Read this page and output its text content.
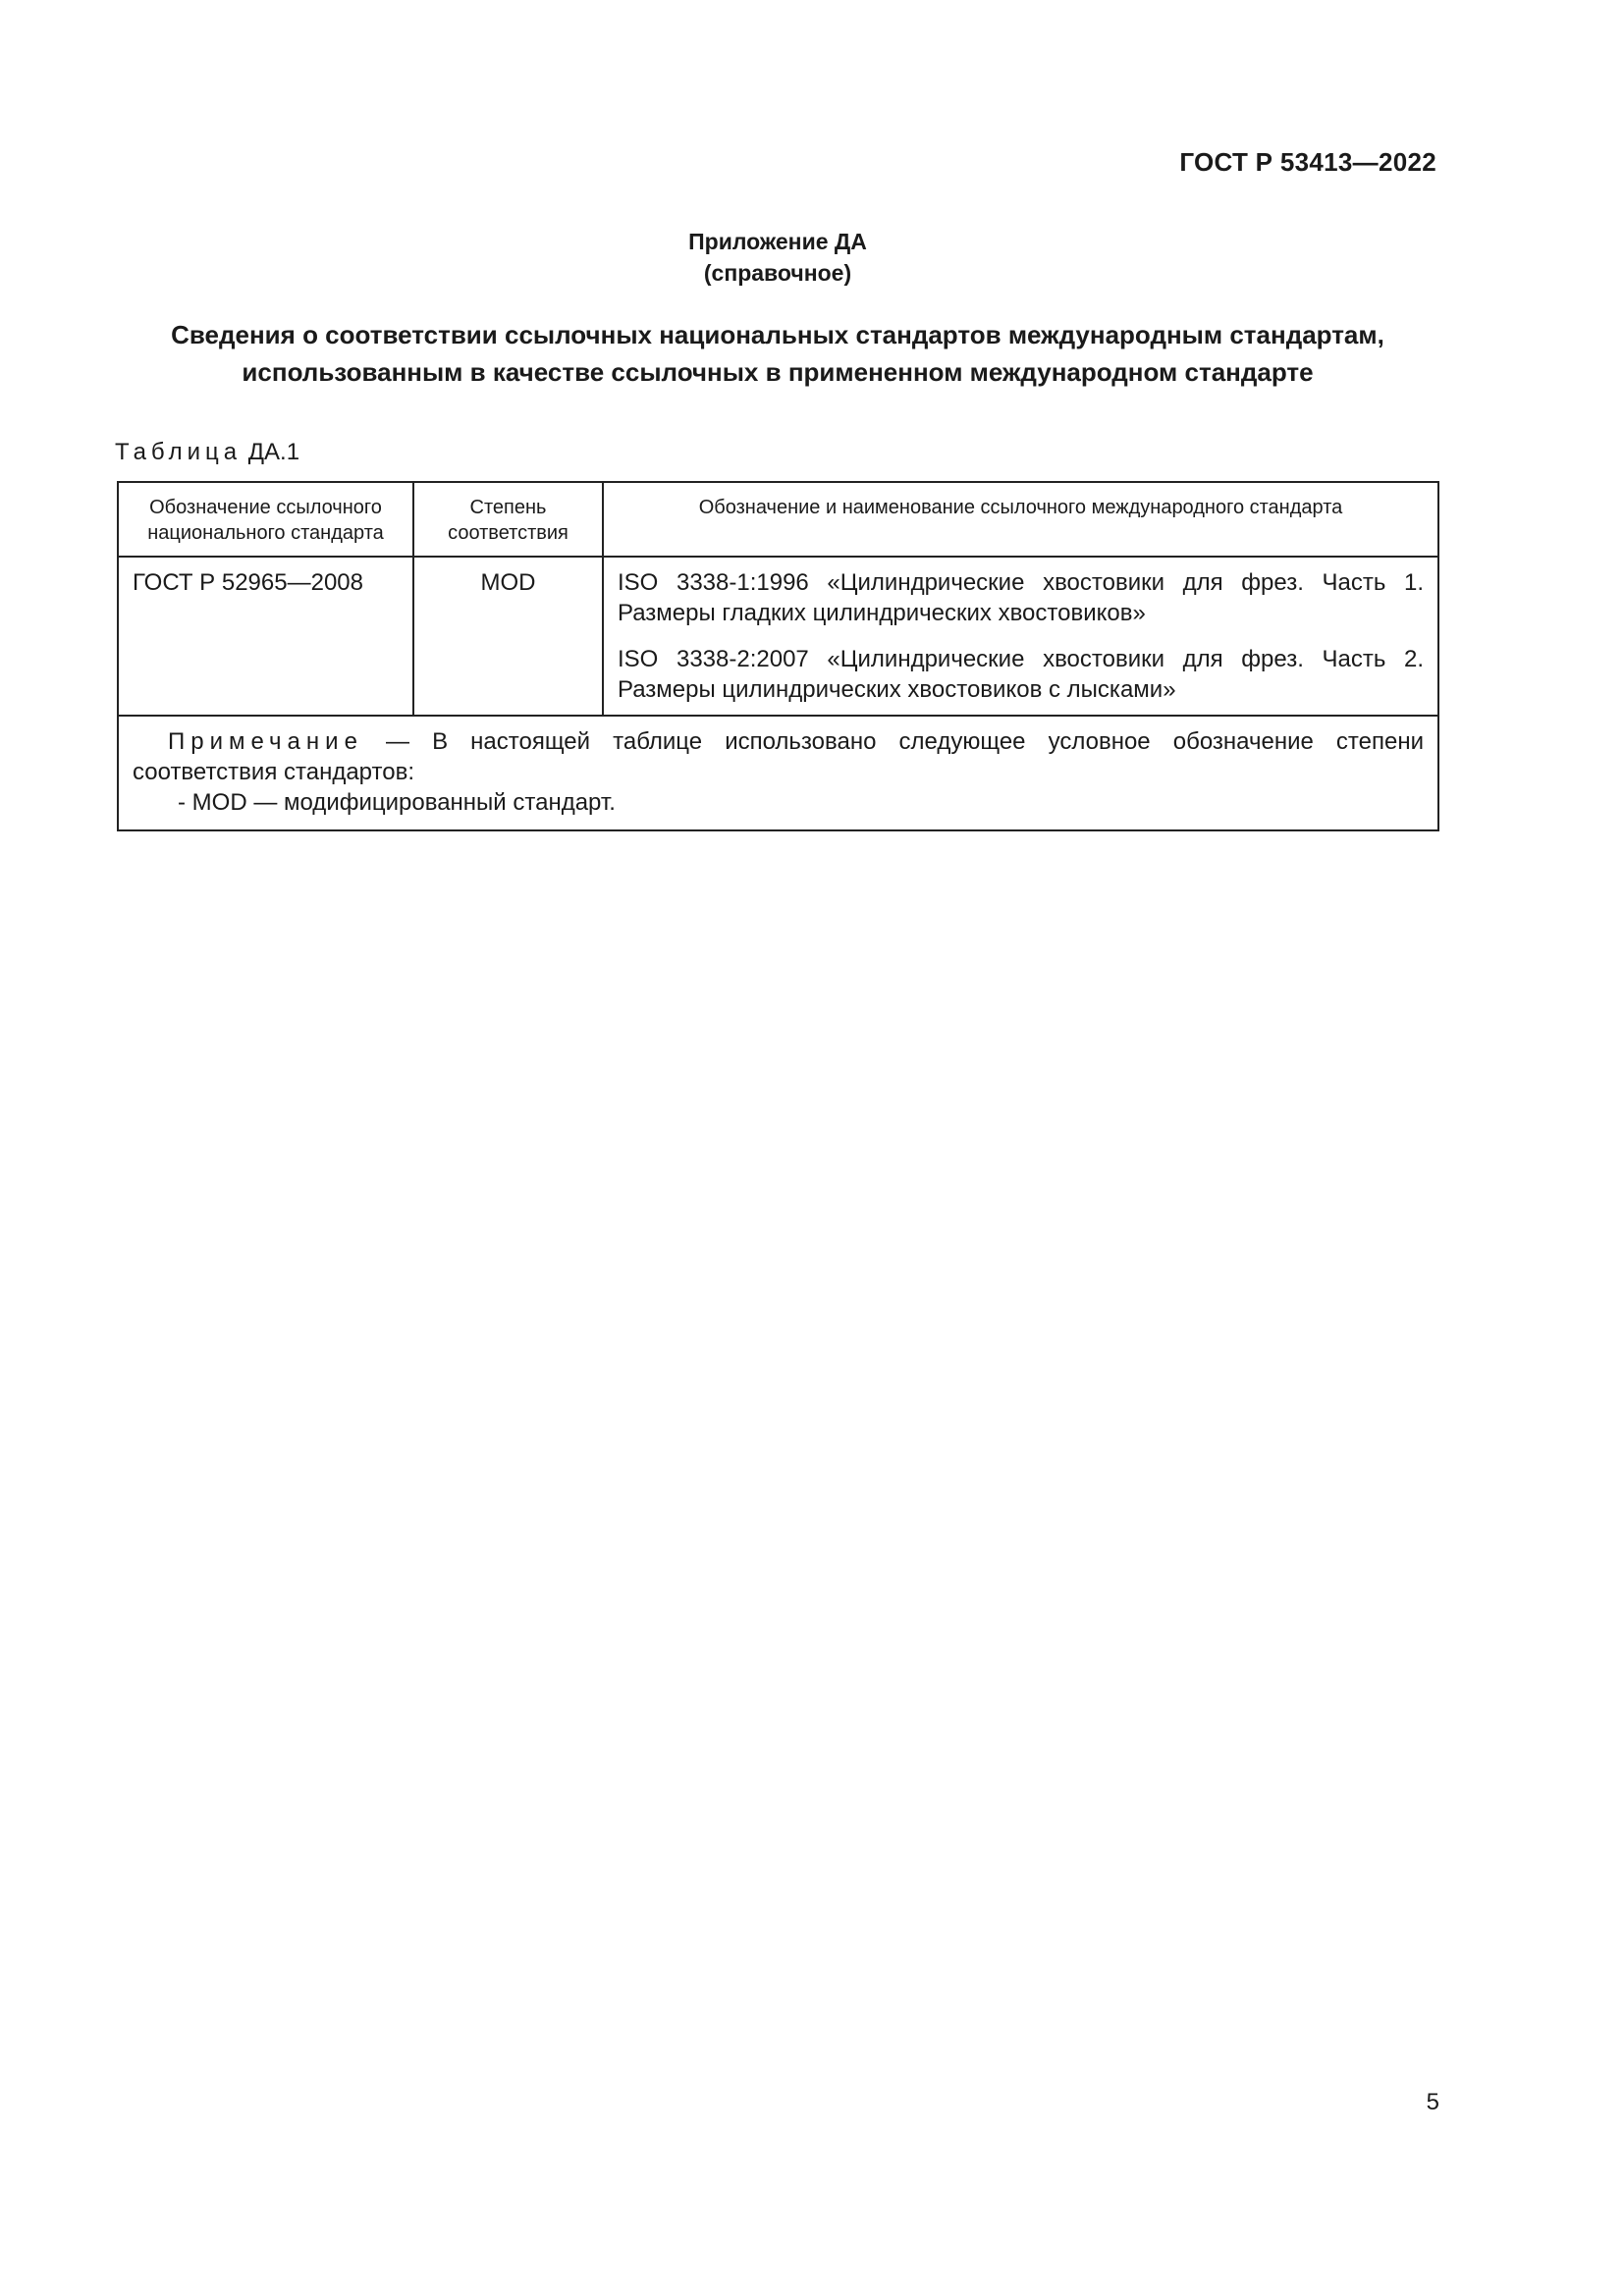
ГОСТ Р 53413—2022
Приложение ДА
(справочное)
Сведения о соответствии ссылочных национальных стандартов международным стандартам,
использованным в качестве ссылочных в примененном международном стандарте
Таблица ДА.1
Обозначение ссылочного национального стандарта	Степень соответствия	Обозначение и наименование ссылочного международного стандарта
ГОСТ Р 52965—2008	MOD	ISO 3338-1:1996 «Цилиндрические хвостовики для фрез. Часть 1. Размеры гладких цилиндрических хвостовиков»

ISO 3338-2:2007 «Цилиндрические хвостовики для фрез. Часть 2. Размеры цилиндрических хвостовиков с лысками»

Примечание — В настоящей таблице использовано следующее условное обозначение степени соответствия стандартов:
- MOD — модифицированный стандарт.		
5
